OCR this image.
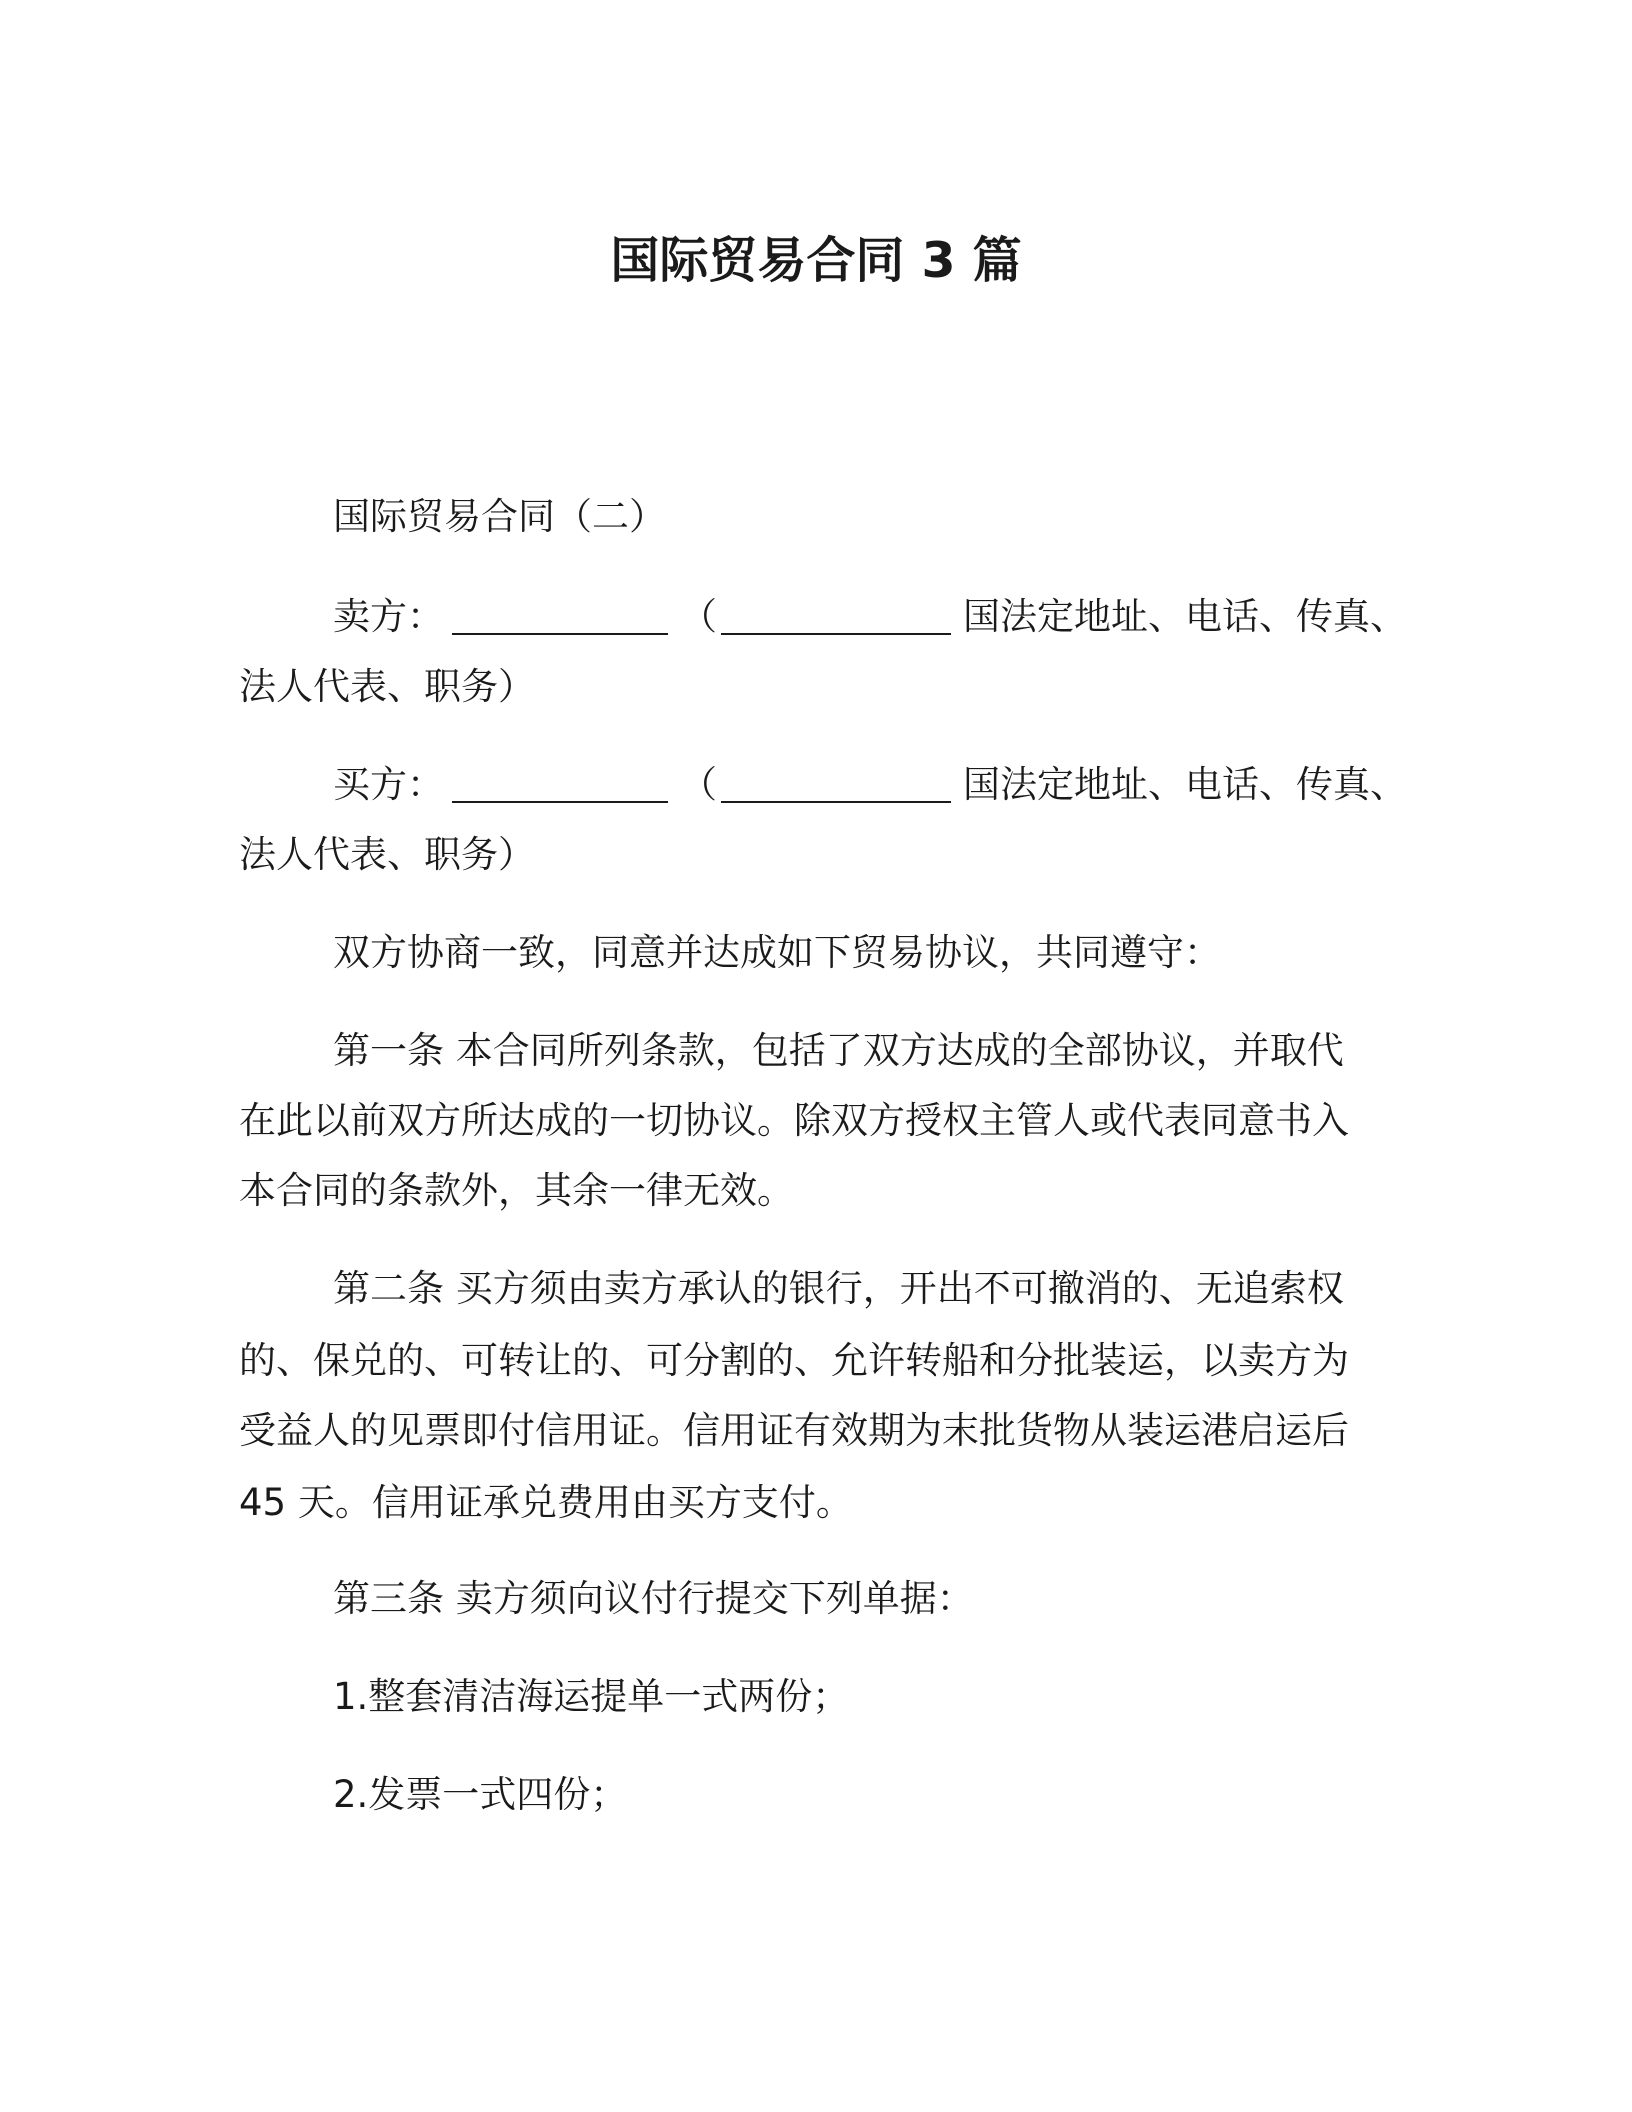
国际贸易合同 3 篇
国际贸易合同（二）
卖方：	（	国法定地址、电话、传真、
法人代表、职务）
买方：	（	国法定地址、电话、传真、
法人代表、职务）
双方协商一致，同意并达成如下贸易协议，共同遵守：
第一条 本合同所列条款，包括了双方达成的全部协议，并取代
在此以前双方所达成的一切协议。除双方授权主管人或代表同意书入
本合同的条款外，其余一律无效。
第二条 买方须由卖方承认的银行，开出不可撤消的、无追索权
的、保兑的、可转让的、可分割的、允许转船和分批装运，以卖方为
受益人的见票即付信用证。信用证有效期为末批货物从装运港启运后
45 天。信用证承兑费用由买方支付。
第三条 卖方须向议付行提交下列单据：
1.整套清洁海运提单一式两份；
2.发票一式四份；
